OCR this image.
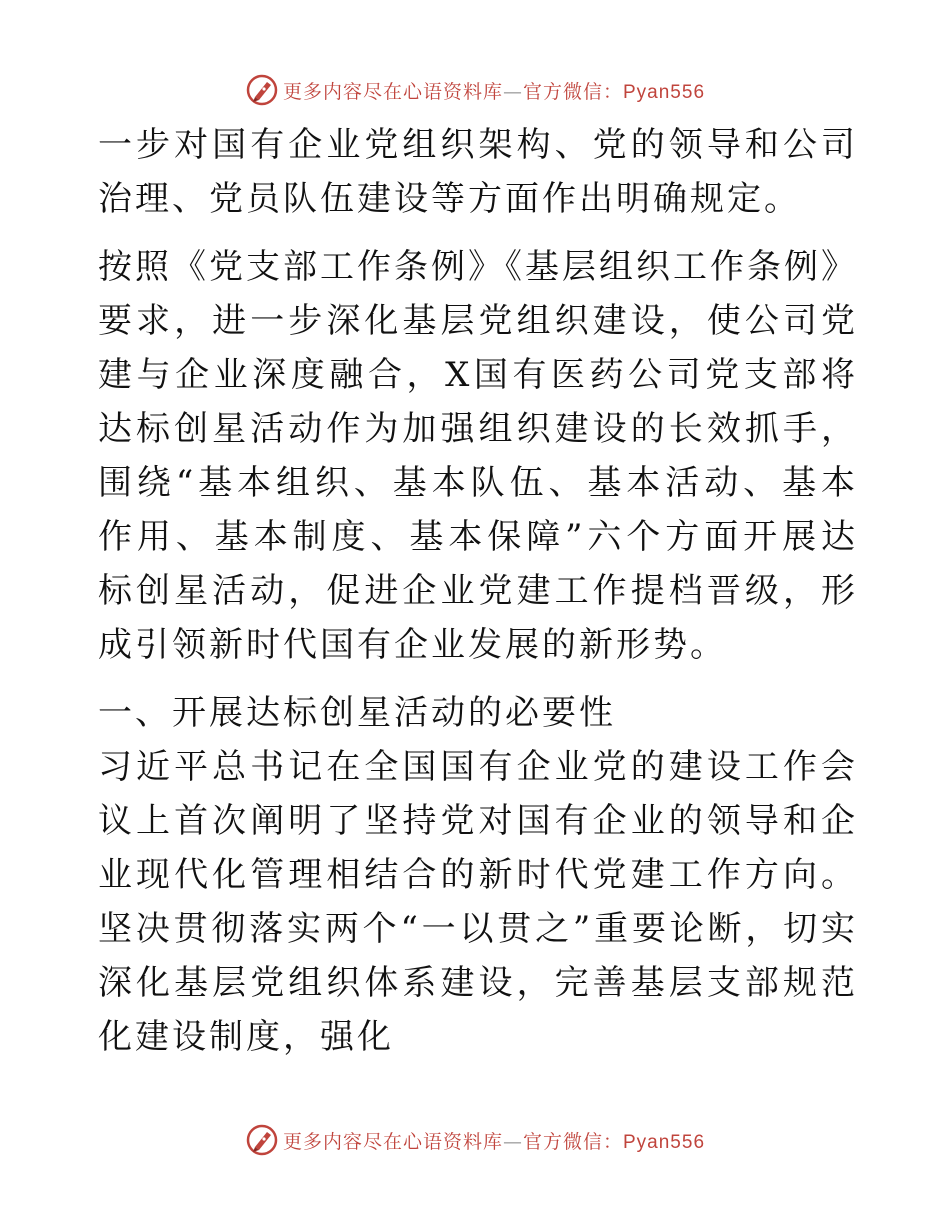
更多内容尽在心语资料库—官方微信：Pyan556

一步对国有企业党组织架构、党的领导和公司治理、党员队伍建设等方面作出明确规定。

按照《党支部工作条例》《基层组织工作条例》要求，进一步深化基层党组织建设，使公司党建与企业深度融合，X国有医药公司党支部将达标创星活动作为加强组织建设的长效抓手，围绕“基本组织、基本队伍、基本活动、基本作用、基本制度、基本保障”六个方面开展达标创星活动，促进企业党建工作提档晋级，形成引领新时代国有企业发展的新形势。

一、开展达标创星活动的必要性

习近平总书记在全国国有企业党的建设工作会议上首次阐明了坚持党对国有企业的领导和企业现代化管理相结合的新时代党建工作方向。坚决贯彻落实两个“一以贯之”重要论断，切实深化基层党组织体系建设，完善基层支部规范化建设制度，强化

更多内容尽在心语资料库—官方微信：Pyan556
